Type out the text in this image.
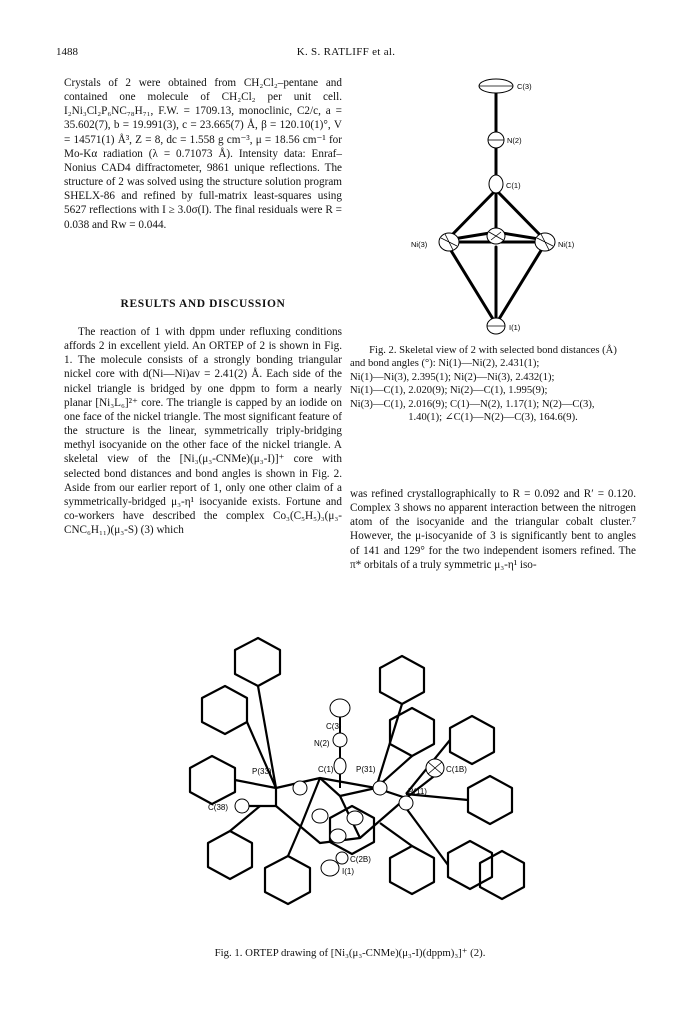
1488	K. S. RATLIFF et al.

Crystals of 2 were obtained from CH₂Cl₂–pentane and contained one molecule of CH₂Cl₂ per unit cell. I₂Ni₃Cl₂P₆NC₇₈H₇₁, F.W. = 1709.13, monoclinic, C2/c, a = 35.602(7), b = 19.991(3), c = 23.665(7) Å, β = 120.10(1)°, V = 14571(1) Å³, Z = 8, dc = 1.558 g cm⁻³, μ = 18.56 cm⁻¹ for Mo-Kα radiation (λ = 0.71073 Å). Intensity data: Enraf–Nonius CAD4 diffractometer, 9861 unique reflections. The structure of 2 was solved using the structure solution program SHELX-86 and refined by full-matrix least-squares using 5627 reflections with I ≥ 3.0σ(I). The final residuals were R = 0.038 and Rw = 0.044.

RESULTS AND DISCUSSION

The reaction of 1 with dppm under refluxing conditions affords 2 in excellent yield. An ORTEP of 2 is shown in Fig. 1. The molecule consists of a strongly bonding triangular nickel core with d(Ni—Ni)av = 2.41(2) Å. Each side of the nickel triangle is bridged by one dppm to form a nearly planar [Ni₃L₆]²⁺ core. The triangle is capped by an iodide on one face of the nickel triangle. The most significant feature of the structure is the linear, symmetrically triply-bridging methyl isocyanide on the other face of the nickel triangle. A skeletal view of the [Ni₃(μ₃-CNMe)(μ₃-I)]⁺ core with selected bond distances and bond angles is shown in Fig. 2. Aside from our earlier report of 1, only one other claim of a symmetrically-bridged μ₃-η¹ isocyanide exists. Fortune and co-workers have described the complex Co₃(C₅H₅)₃(μ₃-CNC₆H₁₁)(μ₃-S) (3) which

C(3)
N(2)
C(1)
Ni(3)	Ni(1)
I(1)
Fig. 2. Skeletal view of 2 with selected bond distances (Å)
and bond angles (°): Ni(1)—Ni(2), 2.431(1);
Ni(1)—Ni(3), 2.395(1); Ni(2)—Ni(3), 2.432(1);
Ni(1)—C(1), 2.020(9); Ni(2)—C(1), 1.995(9);
Ni(3)—C(1), 2.016(9); C(1)—N(2), 1.17(1); N(2)—C(3),
1.40(1); ∠C(1)—N(2)—C(3), 164.6(9).

was refined crystallographically to R = 0.092 and R′ = 0.120. Complex 3 shows no apparent interaction between the nitrogen atom of the isocyanide and the triangular cobalt cluster.⁷ However, the μ-isocyanide of 3 is significantly bent to angles of 141 and 129° for the two independent isomers refined. The π* orbitals of a truly symmetric μ₃-η¹ iso-

C(3)
N(2)
C(1)	P(31)
P(33)	C(1B)
C(38)
P(11)
C(2B)
I(1)
Fig. 1. ORTEP drawing of [Ni₃(μ₃-CNMe)(μ₃-I)(dppm)₃]⁺ (2).
